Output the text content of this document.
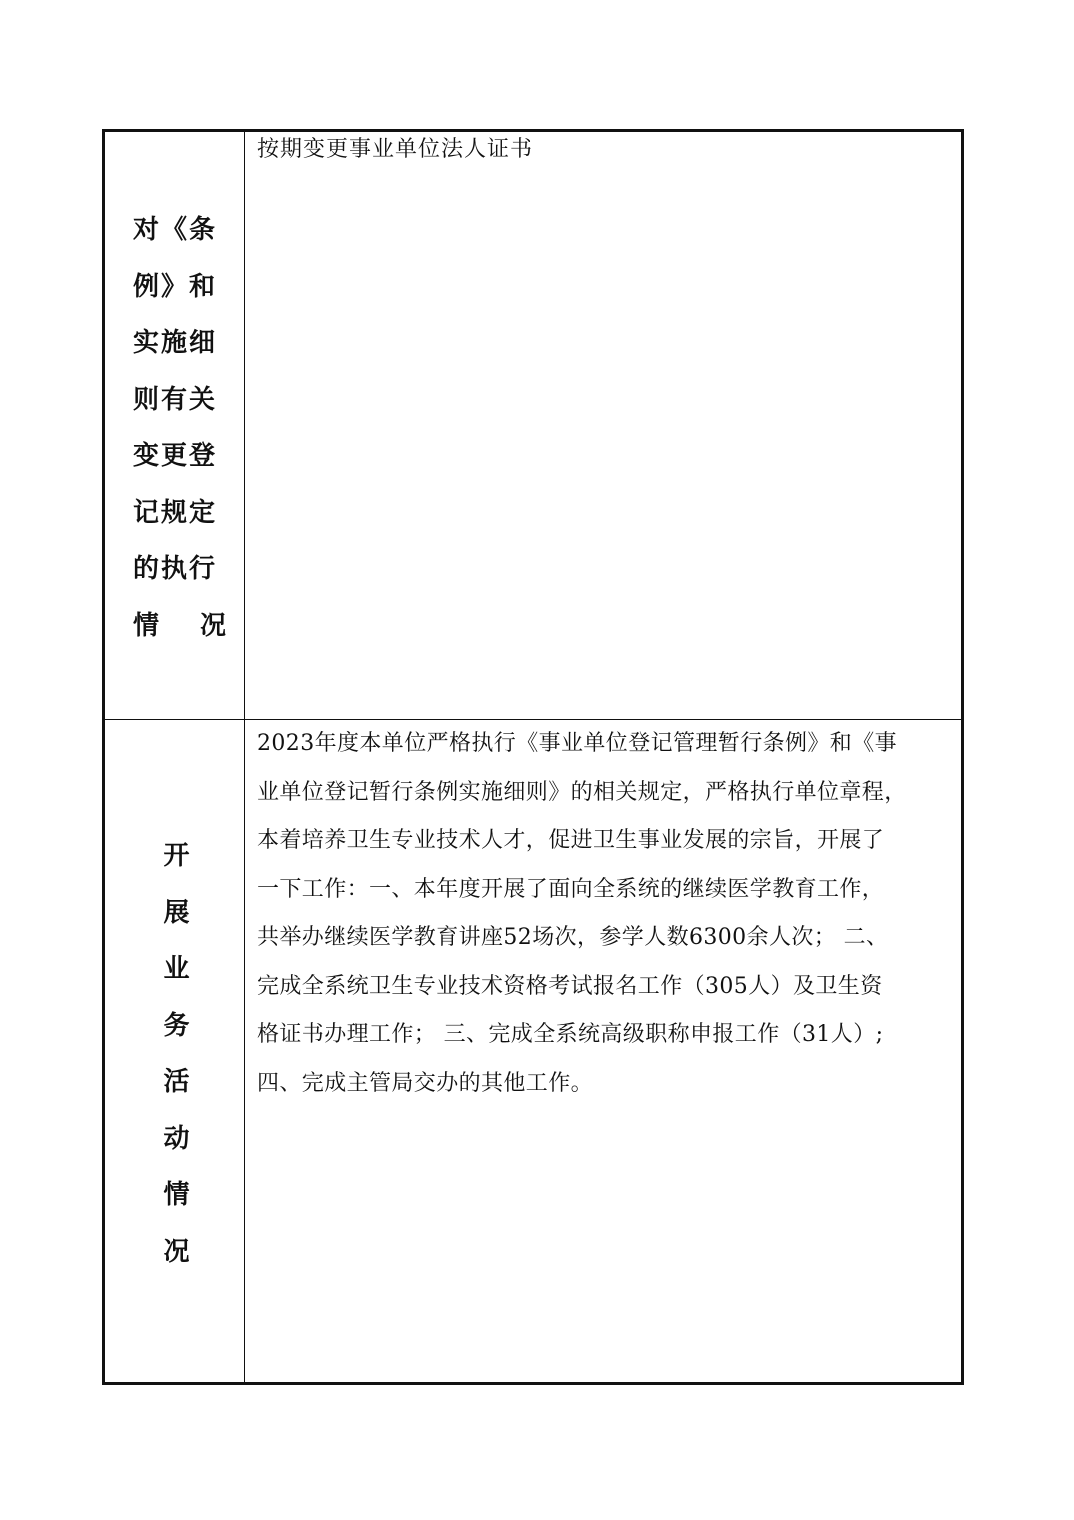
对《条
例》和
实施细
则有关
变更登
记规定
的执行
情　 况
按期变更事业单位法人证书
开
展
业
务
活
动
情
况
2023年度本单位严格执行《事业单位登记管理暂行条例》和《事
业单位登记暂行条例实施细则》的相关规定，严格执行单位章程，
本着培养卫生专业技术人才，促进卫生事业发展的宗旨，开展了
一下工作：一、本年度开展了面向全系统的继续医学教育工作，
共举办继续医学教育讲座52场次，参学人数6300余人次； 二、
完成全系统卫生专业技术资格考试报名工作（305人）及卫生资
格证书办理工作； 三、完成全系统高级职称申报工作（31人）;
四、完成主管局交办的其他工作。
